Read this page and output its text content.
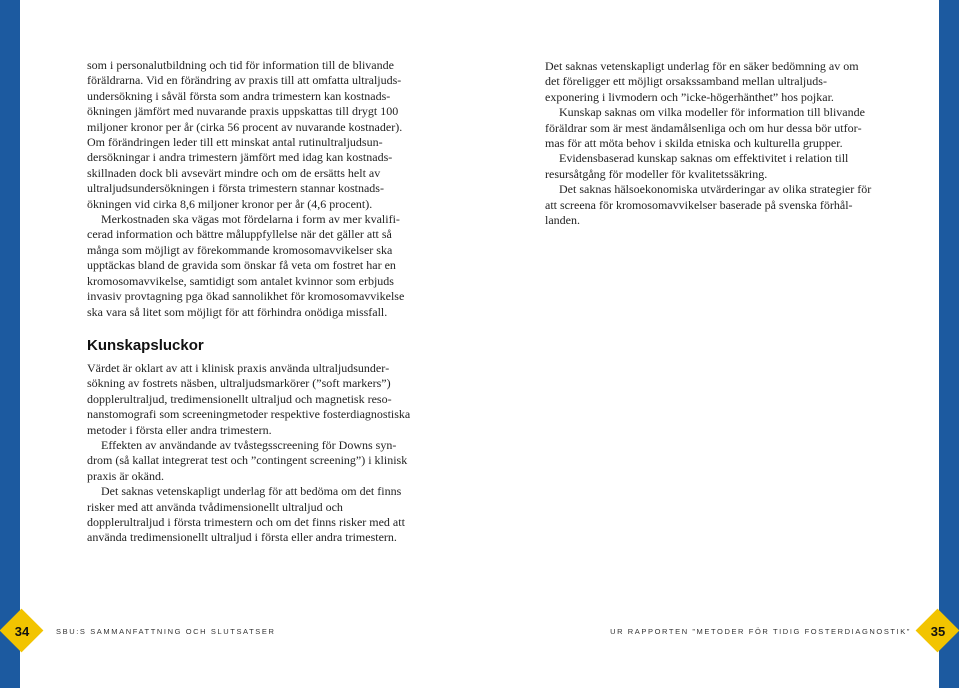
som i personalutbildning och tid för information till de blivande föräldrarna. Vid en förändring av praxis till att omfatta ultraljudsundersökning i såväl första som andra trimestern kan kostnadsökningen jämfört med nuvarande praxis uppskattas till drygt 100 miljoner kronor per år (cirka 56 procent av nuvarande kostnader).

Om förändringen leder till ett minskat antal rutinultraljudsundersökningar i andra trimestern jämfört med idag kan kostnadsskillnaden dock bli avsevärt mindre och om de ersätts helt av ultraljudsundersökningen i första trimestern stannar kostnadsökningen vid cirka 8,6 miljoner kronor per år (4,6 procent).

Merkostnaden ska vägas mot fördelarna i form av mer kvalificerad information och bättre måluppfyllelse när det gäller att så många som möjligt av förekommande kromosomavvikelser ska upptäckas bland de gravida som önskar få veta om fostret har en kromosomavvikelse, samtidigt som antalet kvinnor som erbjuds invasiv provtagning pga ökad sannolikhet för kromosomavvikelse ska vara så litet som möjligt för att förhindra onödiga missfall.

Kunskapsluckor

Värdet är oklart av att i klinisk praxis använda ultraljudsundersökning av fostrets näsben, ultraljudsmarkörer (”soft markers”) dopplerultraljud, tredimensionellt ultraljud och magnetisk resonanstomografi som screeningmetoder respektive fosterdiagnostiska metoder i första eller andra trimestern.

Effekten av användande av tvåstegsscreening för Downs syndrom (så kallat integrerat test och ”contingent screening”) i klinisk praxis är okänd.

Det saknas vetenskapligt underlag för att bedöma om det finns risker med att använda tvådimensionellt ultraljud och dopplerultraljud i första trimestern och om det finns risker med att använda tredimensionellt ultraljud i första eller andra trimestern.

Det saknas vetenskapligt underlag för en säker bedömning av om det föreligger ett möjligt orsakssamband mellan ultraljudsexponering i livmodern och ”icke-högerhänthet” hos pojkar.

Kunskap saknas om vilka modeller för information till blivande föräldrar som är mest ändamålsenliga och om hur dessa bör utformas för att möta behov i skilda etniska och kulturella grupper.

Evidensbaserad kunskap saknas om effektivitet i relation till resursåtgång för modeller för kvalitetssäkring.

Det saknas hälsoekonomiska utvärderingar av olika strategier för att screena för kromosomavvikelser baserade på svenska förhållanden.

34	SBU:S SAMMANFATTNING OCH SLUTSATSER	UR RAPPORTEN ”METODER FÖR TIDIG FOSTERDIAGNOSTIK”	35
